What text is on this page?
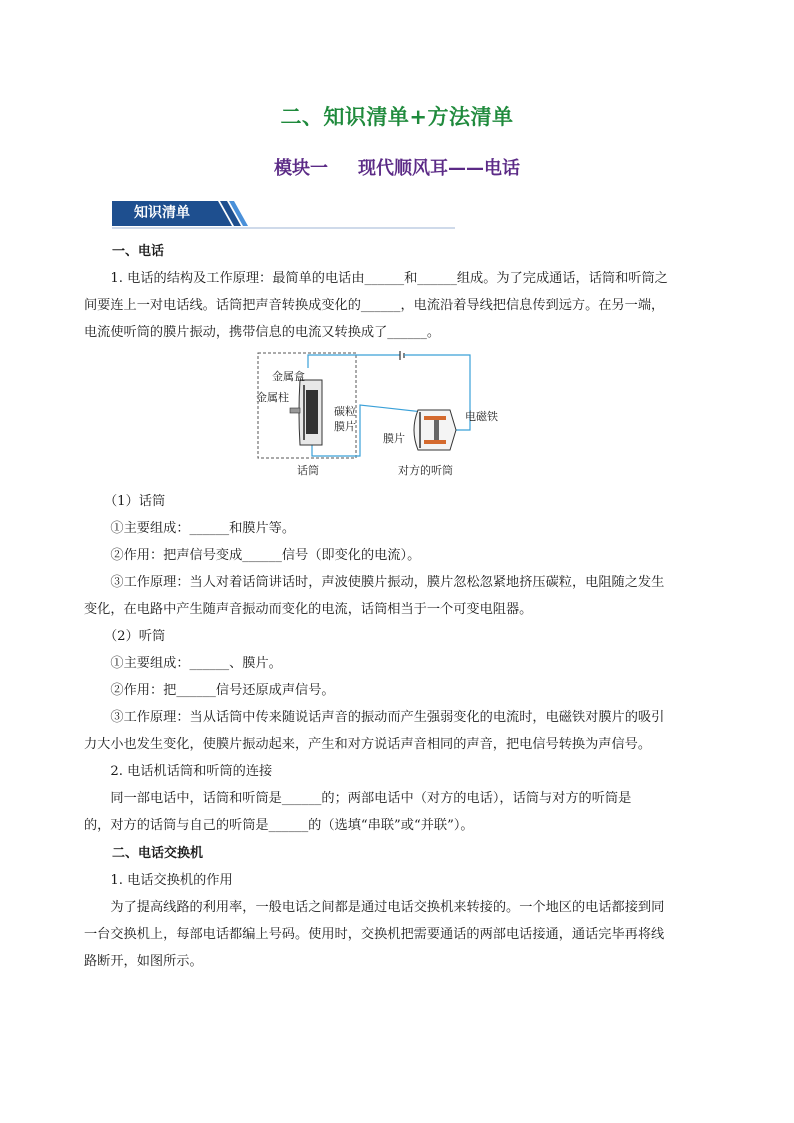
二、知识清单+方法清单
模块一 现代顺风耳——电话
知识清单
一、电话
1. 电话的结构及工作原理：最简单的电话由______和______组成。为了完成通话，话筒和听筒之
间要连上一对电话线。话筒把声音转换成变化的______，电流沿着导线把信息传到远方。在另一端，
电流使听筒的膜片振动，携带信息的电流又转换成了______。
金属盒
金属柱
碳粒
膜片
电磁铁
膜片
话筒	对方的听筒
（1）话筒
①主要组成：______和膜片等。
②作用：把声信号变成______信号（即变化的电流）。
③工作原理：当人对着话筒讲话时，声波使膜片振动，膜片忽松忽紧地挤压碳粒，电阻随之发生
变化，在电路中产生随声音振动而变化的电流，话筒相当于一个可变电阻器。
（2）听筒
①主要组成：______、膜片。
②作用：把______信号还原成声信号。
③工作原理：当从话筒中传来随说话声音的振动而产生强弱变化的电流时，电磁铁对膜片的吸引
力大小也发生变化，使膜片振动起来，产生和对方说话声音相同的声音，把电信号转换为声信号。
2. 电话机话筒和听筒的连接
同一部电话中，话筒和听筒是______的；两部电话中（对方的电话），话筒与对方的听筒是
的，对方的话筒与自己的听筒是______的（选填“串联”或“并联”）。
二、电话交换机
1. 电话交换机的作用
为了提高线路的利用率，一般电话之间都是通过电话交换机来转接的。一个地区的电话都接到同
一台交换机上，每部电话都编上号码。使用时，交换机把需要通话的两部电话接通，通话完毕再将线
路断开，如图所示。
